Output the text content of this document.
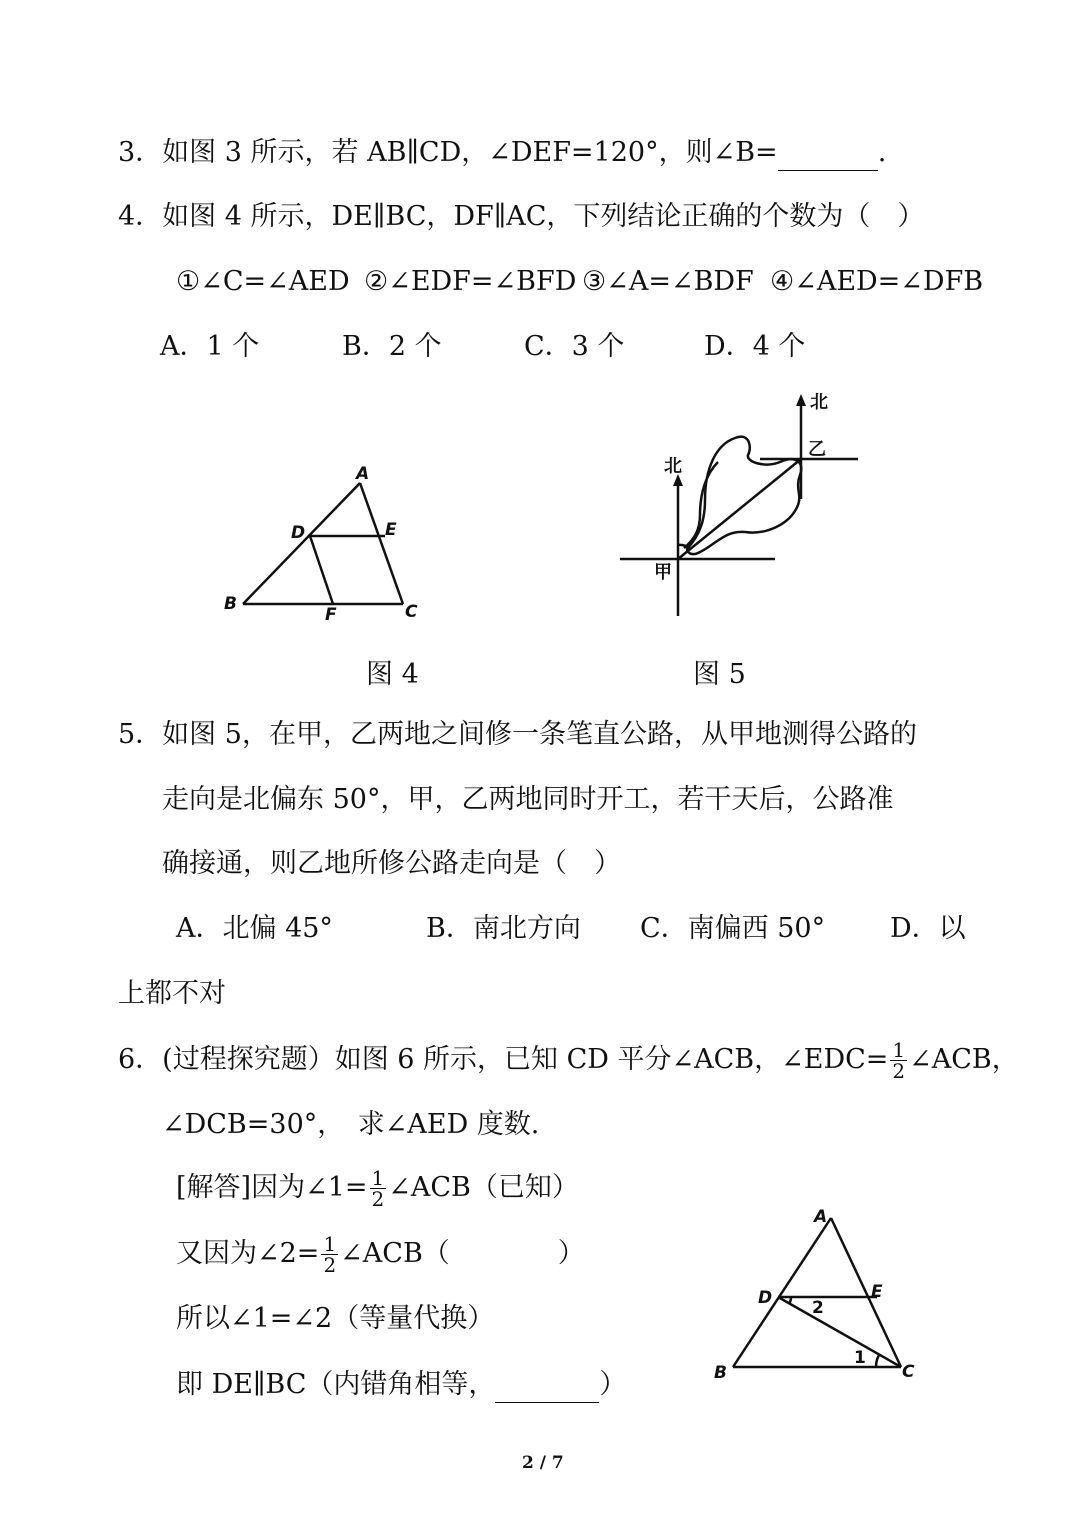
3．如图 3 所示，若 AB∥CD，∠DEF=120°，则∠B=	.
4．如图 4 所示，DE∥BC，DF∥AC，下列结论正确的个数为（　）
①∠C=∠AED ②∠EDF=∠BFD ③∠A=∠BDF ④∠AED=∠DFB
A．1 个	B．2 个	C．3 个	D．4 个
A
D	E
B
F	C
北
北
甲
乙
图 4	图 5
5．如图 5，在甲，乙两地之间修一条笔直公路，从甲地测得公路的
走向是北偏东 50°，甲，乙两地同时开工，若干天后，公路准
确接通，则乙地所修公路走向是（　）
A．北偏 45°	B．南北方向 C．南偏西 50° D．以
上都不对
6．(过程探究题）如图 6 所示，已知 CD 平分∠ACB，∠EDC= $\frac{1}{2}$ ∠ACB，
∠DCB=30°，　求∠AED 度数.
[解答]因为∠1= $\frac{1}{2}$ ∠ACB（已知）
又因为∠2= $\frac{1}{2}$ ∠ACB（　　　　）
所以∠1=∠2（等量代换）
即 DE∥BC（内错角相等，	）
A
D	E
B	C
1
2
2 / 7
